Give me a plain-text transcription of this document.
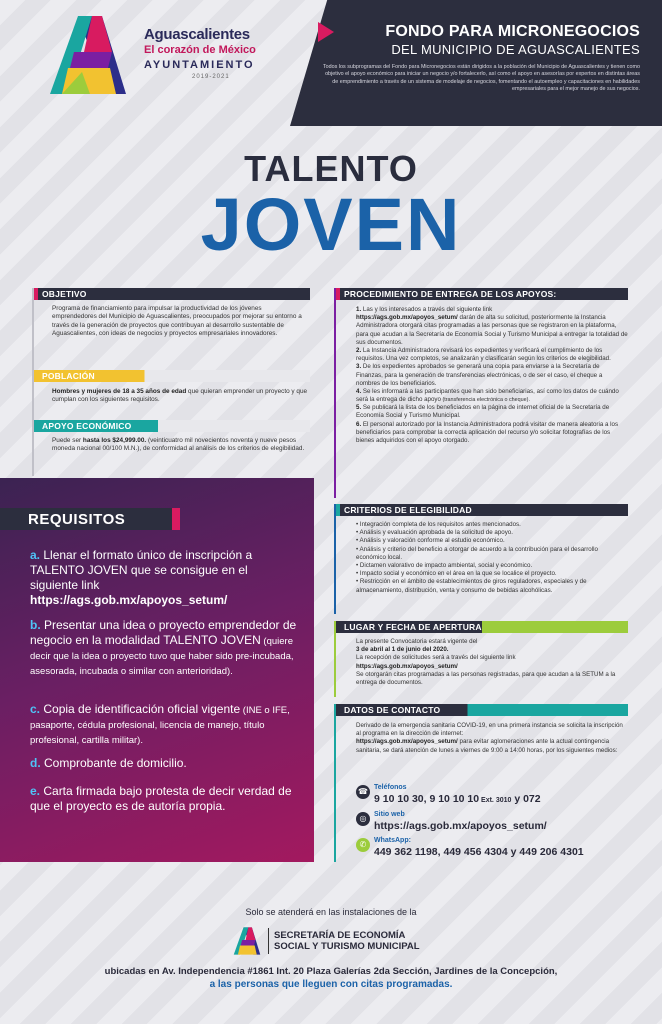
Aguascalientes
El corazón de México
AYUNTAMIENTO
2019-2021
FONDO PARA MICRONEGOCIOS
DEL MUNICIPIO DE AGUASCALIENTES
Todos los subprogramas del Fondo para Micronegocios están dirigidos a la población del Municipio de Aguascalientes y tienen como objetivo el apoyo económico para iniciar un negocio y/o fortalecerlo, así como el apoyo en asesorías por expertos en distintas áreas de emprendimiento a través de un sistema de modelaje de negocios, fomentando el autoempleo y capacitaciones en habilidades empresariales para el mejor manejo de sus negocios.
TALENTO
JOVEN
OBJETIVO
Programa de financiamiento para impulsar la productividad de los jóvenes emprendedores del Municipio de Aguascalientes, preocupados por mejorar su entorno a través de la generación de proyectos que contribuyan al desarrollo sustentable de Aguascalientes, con ideas de negocios y proyectos empresariales innovadores.
POBLACIÓN
Hombres y mujeres de 18 a 35 años de edad que quieran emprender un proyecto y que cumplan con los siguientes requisitos.
APOYO ECONÓMICO
Puede ser hasta los $24,999.00. (veinticuatro mil novecientos noventa y nueve pesos moneda nacional 00/100 M.N.), de conformidad al análisis de los criterios de elegibilidad.
REQUISITOS
a. Llenar el formato único de inscripción a TALENTO JOVEN que se consigue en el siguiente link
https://ags.gob.mx/apoyos_setum/
b. Presentar una idea o proyecto emprendedor de negocio en la modalidad TALENTO JOVEN (quiere decir que la idea o proyecto tuvo que haber sido pre-incubada, asesorada, incubada o similar con anterioridad).
c. Copia de identificación oficial vigente (INE o IFE, pasaporte, cédula profesional, licencia de manejo, título profesional, cartilla militar).
d. Comprobante de domicilio.
e. Carta firmada bajo protesta de decir verdad de que el proyecto es de autoría propia.
PROCEDIMIENTO DE ENTREGA DE LOS APOYOS:
1. Las y los interesados a través del siguiente link
https://ags.gob.mx/apoyos_setum/ darán de alta su solicitud, posteriormente la Instancia Administradora otorgará citas programadas a las personas que se registraron en la plataforma, para que acudan a la Secretaría de Economía Social y Turismo Municipal a entregar la totalidad de sus documentos.
2. La Instancia Administradora revisará los expedientes y verificará el cumplimiento de los requisitos. Una vez completos, se analizarán y clasificarán según los criterios de elegibilidad.
3. De los expedientes aprobados se generará una copia para enviarse a la Secretaría de Finanzas, para la generación de transferencias electrónicas, o de ser el caso, el cheque a nombres de los beneficiarios.
4. Se les informará a las participantes que han sido beneficiarias, así como los datos de cuándo será la entrega de dicho apoyo (transferencia electrónica o cheque).
5. Se publicará la lista de los beneficiados en la página de internet oficial de la Secretaría de Economía Social y Turismo Municipal.
6. El personal autorizado por la Instancia Administradora podrá visitar de manera aleatoria a los beneficiarios para comprobar la correcta aplicación del recurso y/o solicitar fotografías de los bienes adquiridos con el apoyo otorgado.
CRITERIOS DE ELEGIBILIDAD
• Integración completa de los requisitos antes mencionados.
• Análisis y evaluación aprobada de la solicitud de apoyo.
• Análisis y valoración conforme al estudio económico.
• Análisis y criterio del beneficio a otorgar de acuerdo a la contribución para el desarrollo económico local.
• Dictamen valorativo de impacto ambiental, social y económico.
• Impacto social y económico en el área en la que se localice el proyecto.
• Restricción en el ámbito de establecimientos de giros reguladores, especiales y de almacenamiento, distribución, venta y consumo de bebidas alcohólicas.
LUGAR Y FECHA DE APERTURA
La presente Convocatoria estará vigente del
3 de abril al 1 de junio del 2020.
La recepción de solicitudes será a través del siguiente link
https://ags.gob.mx/apoyos_setum/
Se otorgarán citas programadas a las personas registradas, para que acudan a la SETUM a la entrega de documentos.
DATOS DE CONTACTO
Derivado de la emergencia sanitaria COVID-19, en una primera instancia se solicita la inscripción al programa en la dirección de internet:
https://ags.gob.mx/apoyos_setum/ para evitar aglomeraciones ante la actual contingencia sanitaria, se dará atención de lunes a viernes de 9:00 a 14:00 horas, por los siguientes medios:
☎ Teléfonos
9 10 10 30, 9 10 10 10 Ext. 3010 y 072
◎	Sitio web
https://ags.gob.mx/apoyos_setum/
✆	WhatsApp:
449 362 1198, 449 456 4304 y 449 206 4301
Solo se atenderá en las instalaciones de la
SECRETARÍA DE ECONOMÍA
SOCIAL Y TURISMO MUNICIPAL
ubicadas en Av. Independencia #1861 Int. 20 Plaza Galerías 2da Sección, Jardines de la Concepción,
a las personas que lleguen con citas programadas.
